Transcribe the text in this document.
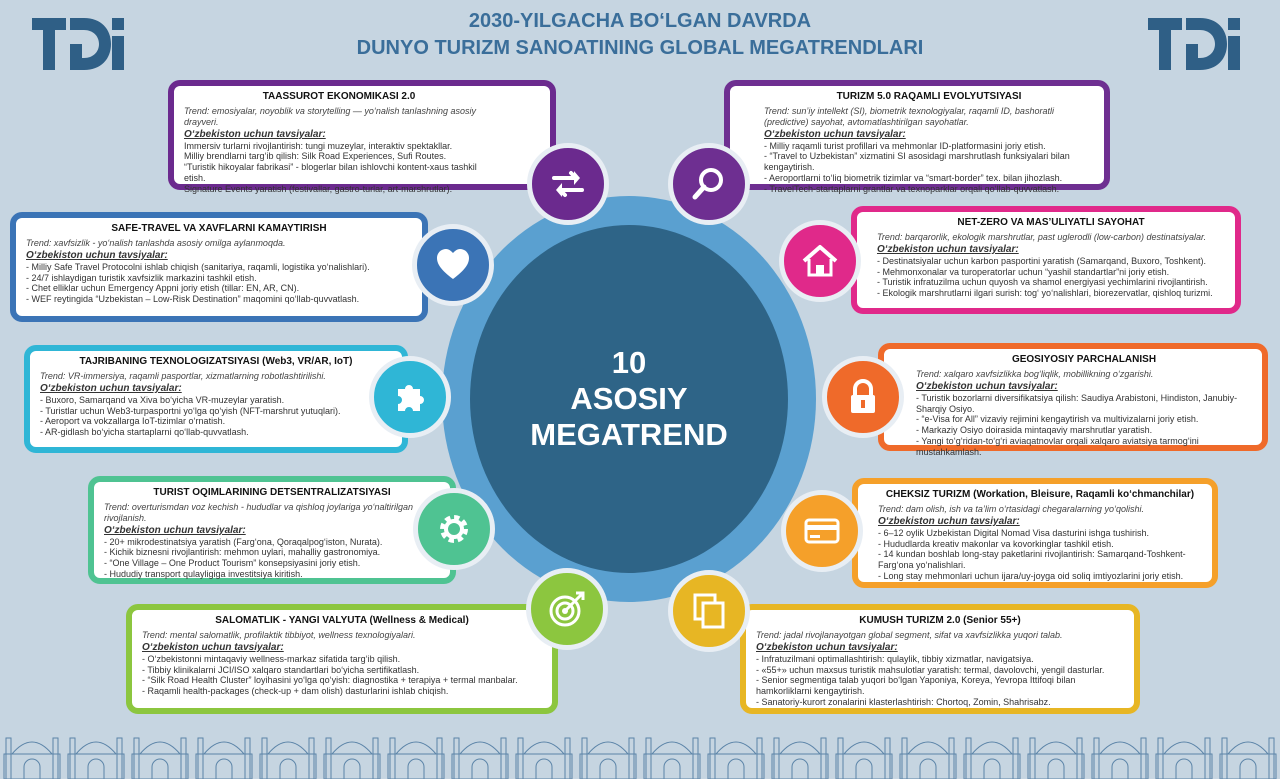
2030-YILGACHA BO‘LGAN DAVRDA
DUNYO TURIZM SANOATINING GLOBAL MEGATRENDLARI
10
ASOSIY
MEGATREND
TAASSUROT EKONOMIKASI 2.0
Trend: emosiyalar, noyoblik va storytelling — yo‘nalish tanlashning asosiy drayveri.
O‘zbekiston uchun tavsiyalar:
Immersiv turlarni rivojlantirish: tungi muzeylar, interaktiv spektakllar.
Milliy brendlarni targ‘ib qilish: Silk Road Experiences, Sufi Routes.
“Turistik hikoyalar fabrikasi” - blogerlar bilan ishlovchi kontent-xaus tashkil etish.
Signature Events yaratish (festivallar, gastro-turlar, art-marshrutlar).
SAFE-TRAVEL VA XAVFLARNI KAMAYTIRISH
Trend: xavfsizlik - yo‘nalish tanlashda asosiy omilga aylanmoqda.
O‘zbekiston uchun tavsiyalar:
- Milliy Safe Travel Protocolni ishlab chiqish (sanitariya, raqamli, logistika yo‘nalishlari).
- 24/7 ishlaydigan turistik xavfsizlik markazini tashkil etish.
- Chet elliklar uchun Emergency Appni joriy etish (tillar: EN, AR, CN).
- WEF reytingida “Uzbekistan – Low-Risk Destination” maqomini qo‘llab-quvvatlash.
TAJRIBANING TEXNOLOGIZATSIYASI (Web3, VR/AR, IoT)
Trend: VR-immersiya, raqamli pasportlar, xizmatlarning robotlashtirilishi.
O‘zbekiston uchun tavsiyalar:
- Buxoro, Samarqand va Xiva bo‘yicha VR-muzeylar yaratish.
- Turistlar uchun Web3-turpasportni yo‘lga qo‘yish (NFT-marshrut yutuqlari).
- Aeroport va vokzallarga IoT-tizimlar o‘rnatish.
- AR-gidlash bo‘yicha startaplarni qo‘llab-quvvatlash.
TURIST OQIMLARINING DETSENTRALIZATSIYASI
Trend: overturismdan voz kechish - hududlar va qishloq joylariga yo‘naltirilgan rivojlanish.
O‘zbekiston uchun tavsiyalar:
- 20+ mikrodestinatsiya yaratish (Farg‘ona, Qoraqalpog‘iston, Nurata).
- Kichik biznesni rivojlantirish: mehmon uylari, mahalliy gastronomiya.
- “One Village – One Product Tourism” konsepsiyasini joriy etish.
- Hududiy transport qulayligiga investitsiya kiritish.
SALOMATLIK - YANGI VALYUTA (Wellness & Medical)
Trend: mental salomatlik, profilaktik tibbiyot, wellness texnologiyalari.
O‘zbekiston uchun tavsiyalar:
- O‘zbekistonni mintaqaviy wellness-markaz sifatida targ‘ib qilish.
- Tibbiy klinikalarni JCI/ISO xalqaro standartlari bo‘yicha sertifikatlash.
- “Silk Road Health Cluster” loyihasini yo‘lga qo‘yish: diagnostika + terapiya + termal manbalar.
- Raqamli health-packages (check-up + dam olish) dasturlarini ishlab chiqish.
TURIZM 5.0 RAQAMLI EVOLYUTSIYASI
Trend: sun’iy intellekt (SI), biometrik texnologiyalar, raqamli ID, bashoratli (predictive) sayohat, avtomatlashtirilgan sayohatlar.
O‘zbekiston uchun tavsiyalar:
- Milliy raqamli turist profillari va mehmonlar ID-platformasini joriy etish.
- “Travel to Uzbekistan” xizmatini SI asosidagi marshrutlash funksiyalari bilan kengaytirish.
- Aeroportlarni to‘liq biometrik tizimlar va “smart-border” tex. bilan jihozlash.
- TravelTech-startaplarni grantlar va texnoparklar orqali qo‘llab-quvvatlash.
NET-ZERO VA MAS’ULIYATLI SAYOHAT
Trend: barqarorlik, ekologik marshrutlar, past uglerodli (low-carbon) destinatsiyalar.
O‘zbekiston uchun tavsiyalar:
- Destinatsiyalar uchun karbon pasportini yaratish (Samarqand, Buxoro, Toshkent).
- Mehmonxonalar va turoperatorlar uchun “yashil standartlar”ni joriy etish.
- Turistik infratuzilma uchun quyosh va shamol energiyasi yechimlarini rivojlantirish.
- Ekologik marshrutlarni ilgari surish: tog‘ yo‘nalishlari, biorezervatlar, qishloq turizmi.
GEOSIYOSIY PARCHALANISH
Trend: xalqaro xavfsizlikka bog‘liqlik, mobillikning o‘zgarishi.
O‘zbekiston uchun tavsiyalar:
- Turistik bozorlarni diversifikatsiya qilish: Saudiya Arabistoni, Hindiston, Janubiy-Sharqiy Osiyo.
- “e-Visa for All” vizaviy rejimini kengaytirish va multivizalarni joriy etish.
- Markaziy Osiyo doirasida mintaqaviy marshrutlar yaratish.
- Yangi to‘g‘ridan-to‘g‘ri aviaqatnovlar orqali xalqaro aviatsiya tarmog‘ini mustahkamlash.
CHEKSIZ TURIZM (Workation, Bleisure, Raqamli ko‘chmanchilar)
Trend: dam olish, ish va ta’lim o‘rtasidagi chegaralarning yo‘qolishi.
O‘zbekiston uchun tavsiyalar:
- 6–12 oylik Uzbekistan Digital Nomad Visa dasturini ishga tushirish.
- Hududlarda kreativ makonlar va kovorkinglar tashkil etish.
- 14 kundan boshlab long-stay paketlarini rivojlantirish: Samarqand-Toshkent-Farg‘ona yo‘nalishlari.
- Long stay mehmonlari uchun ijara/uy-joyga oid soliq imtiyozlarini joriy etish.
KUMUSH TURIZM 2.0 (Senior 55+)
Trend: jadal rivojlanayotgan global segment, sifat va xavfsizlikka yuqori talab.
O‘zbekiston uchun tavsiyalar:
- Infratuzilmani optimallashtirish: qulaylik, tibbiy xizmatlar, navigatsiya.
- «55+» uchun maxsus turistik mahsulotlar yaratish: termal, davolovchi, yengil dasturlar.
- Senior segmentiga talab yuqori bo‘lgan Yaponiya, Koreya, Yevropa Ittifoqi bilan hamkorliklarni kengaytirish.
- Sanatoriy-kurort zonalarini klasterlashtirish: Chortoq, Zomin, Shahrisabz.
